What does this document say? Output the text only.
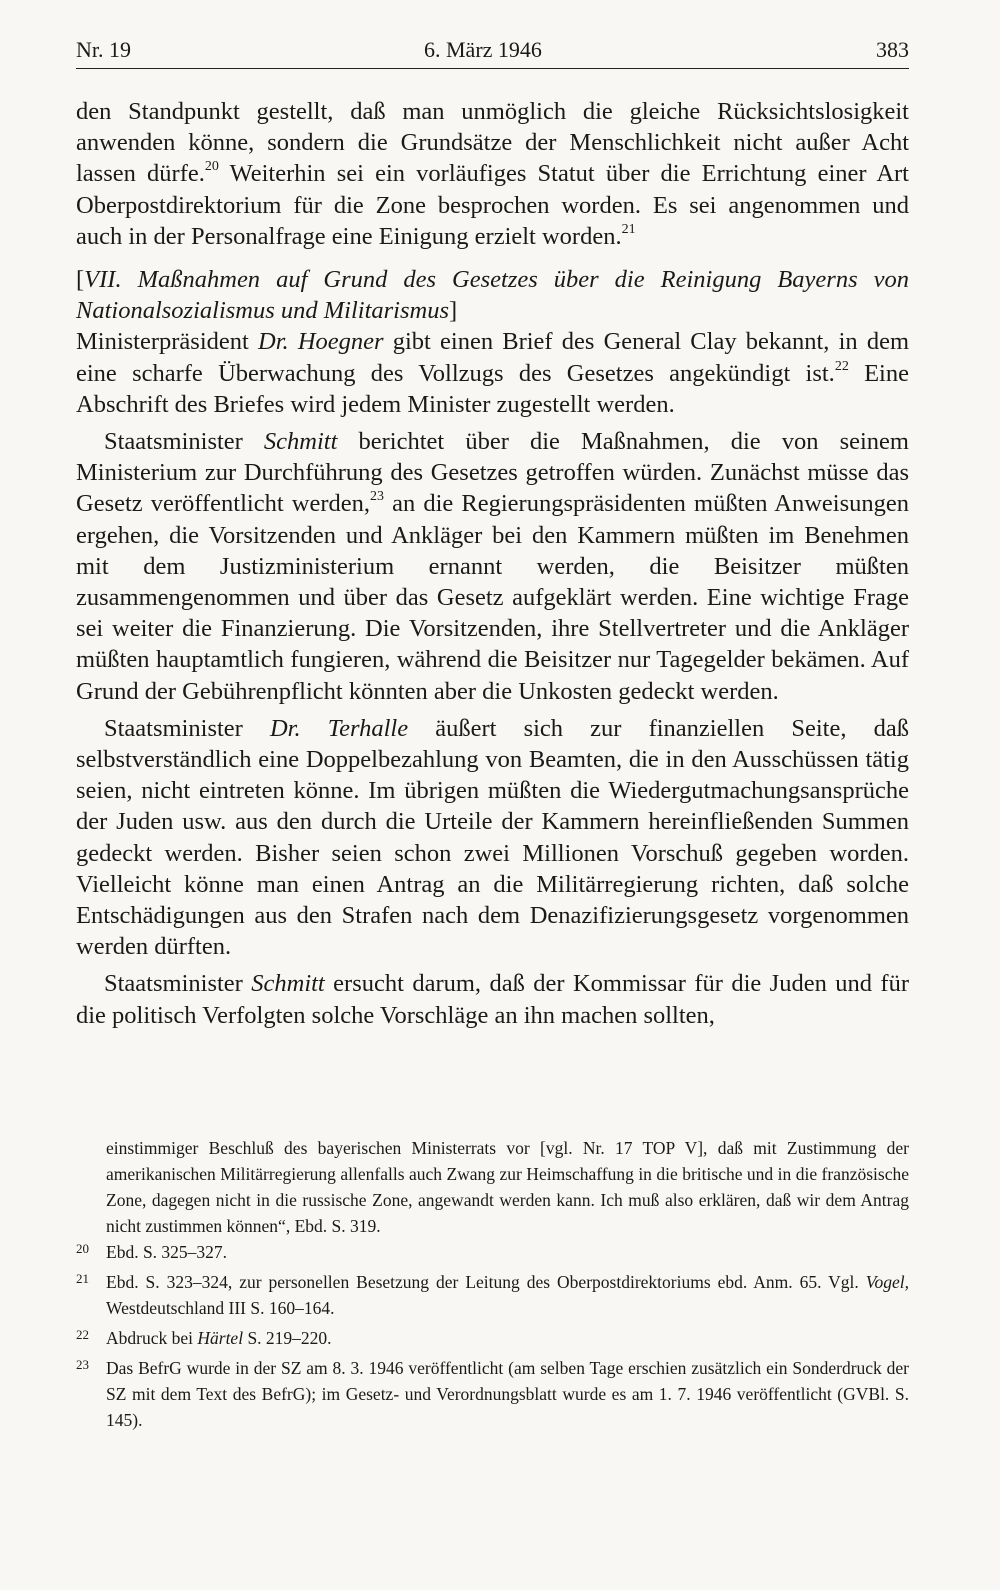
Nr. 19	6. März 1946	383

den Standpunkt gestellt, daß man unmöglich die gleiche Rücksichtslosigkeit anwenden könne, sondern die Grundsätze der Menschlichkeit nicht außer Acht lassen dürfe.$^{20}$ Weiterhin sei ein vorläufiges Statut über die Errichtung einer Art Oberpostdirektorium für die Zone besprochen worden. Es sei angenommen und auch in der Personalfrage eine Einigung erzielt worden.$^{21}$

[VII. Maßnahmen auf Grund des Gesetzes über die Reinigung Bayerns von Nationalsozialismus und Militarismus]

Ministerpräsident Dr. Hoegner gibt einen Brief des General Clay bekannt, in dem eine scharfe Überwachung des Vollzugs des Gesetzes angekündigt ist.$^{22}$ Eine Abschrift des Briefes wird jedem Minister zugestellt werden.

Staatsminister Schmitt berichtet über die Maßnahmen, die von seinem Ministerium zur Durchführung des Gesetzes getroffen würden. Zunächst müsse das Gesetz veröffentlicht werden,$^{23}$ an die Regierungspräsidenten müßten Anweisungen ergehen, die Vorsitzenden und Ankläger bei den Kammern müßten im Benehmen mit dem Justizministerium ernannt werden, die Beisitzer müßten zusammengenommen und über das Gesetz aufgeklärt werden. Eine wichtige Frage sei weiter die Finanzierung. Die Vorsitzenden, ihre Stellvertreter und die Ankläger müßten hauptamtlich fungieren, während die Beisitzer nur Tagegelder bekämen. Auf Grund der Gebührenpflicht könnten aber die Unkosten gedeckt werden.

Staatsminister Dr. Terhalle äußert sich zur finanziellen Seite, daß selbstverständlich eine Doppelbezahlung von Beamten, die in den Ausschüssen tätig seien, nicht eintreten könne. Im übrigen müßten die Wiedergutmachungsansprüche der Juden usw. aus den durch die Urteile der Kammern hereinfließenden Summen gedeckt werden. Bisher seien schon zwei Millionen Vorschuß gegeben worden. Vielleicht könne man einen Antrag an die Militärregierung richten, daß solche Entschädigungen aus den Strafen nach dem Denazifizierungsgesetz vorgenommen werden dürften.

Staatsminister Schmitt ersucht darum, daß der Kommissar für die Juden und für die politisch Verfolgten solche Vorschläge an ihn machen sollten,

einstimmiger Beschluß des bayerischen Ministerrats vor [vgl. Nr. 17 TOP V], daß mit Zustimmung der amerikanischen Militärregierung allenfalls auch Zwang zur Heimschaffung in die britische und in die französische Zone, dagegen nicht in die russische Zone, angewandt werden kann. Ich muß also erklären, daß wir dem Antrag nicht zustimmen können“, Ebd. S. 319.

20 Ebd. S. 325–327.

21 Ebd. S. 323–324, zur personellen Besetzung der Leitung des Oberpostdirektoriums ebd. Anm. 65. Vgl. Vogel, Westdeutschland III S. 160–164.

22 Abdruck bei Härtel S. 219–220.

23 Das BefrG wurde in der SZ am 8. 3. 1946 veröffentlicht (am selben Tage erschien zusätzlich ein Sonderdruck der SZ mit dem Text des BefrG); im Gesetz- und Verordnungsblatt wurde es am 1. 7. 1946 veröffentlicht (GVBl. S. 145).
